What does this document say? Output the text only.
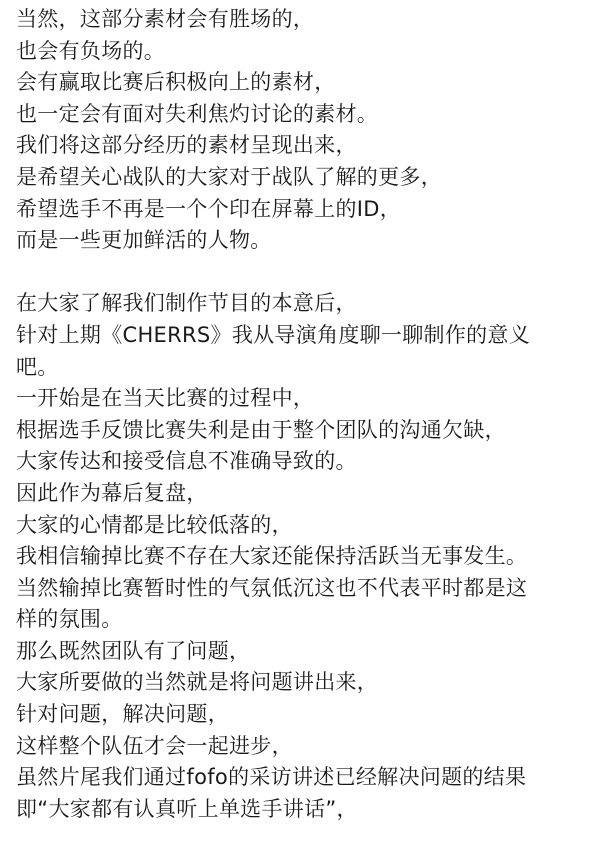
当然，这部分素材会有胜场的，
也会有负场的。
会有赢取比赛后积极向上的素材，
也一定会有面对失利焦灼讨论的素材。
我们将这部分经历的素材呈现出来，
是希望关心战队的大家对于战队了解的更多，
希望选手不再是一个个印在屏幕上的ID，
而是一些更加鲜活的人物。
在大家了解我们制作节目的本意后，
针对上期《CHERRS》我从导演角度聊一聊制作的意义
吧。
一开始是在当天比赛的过程中，
根据选手反馈比赛失利是由于整个团队的沟通欠缺，
大家传达和接受信息不准确导致的。
因此作为幕后复盘，
大家的心情都是比较低落的，
我相信输掉比赛不存在大家还能保持活跃当无事发生。
当然输掉比赛暂时性的气氛低沉这也不代表平时都是这
样的氛围。
那么既然团队有了问题，
大家所要做的当然就是将问题讲出来，
针对问题，解决问题，
这样整个队伍才会一起进步，
虽然片尾我们通过fofo的采访讲述已经解决问题的结果
即“大家都有认真听上单选手讲话”，
